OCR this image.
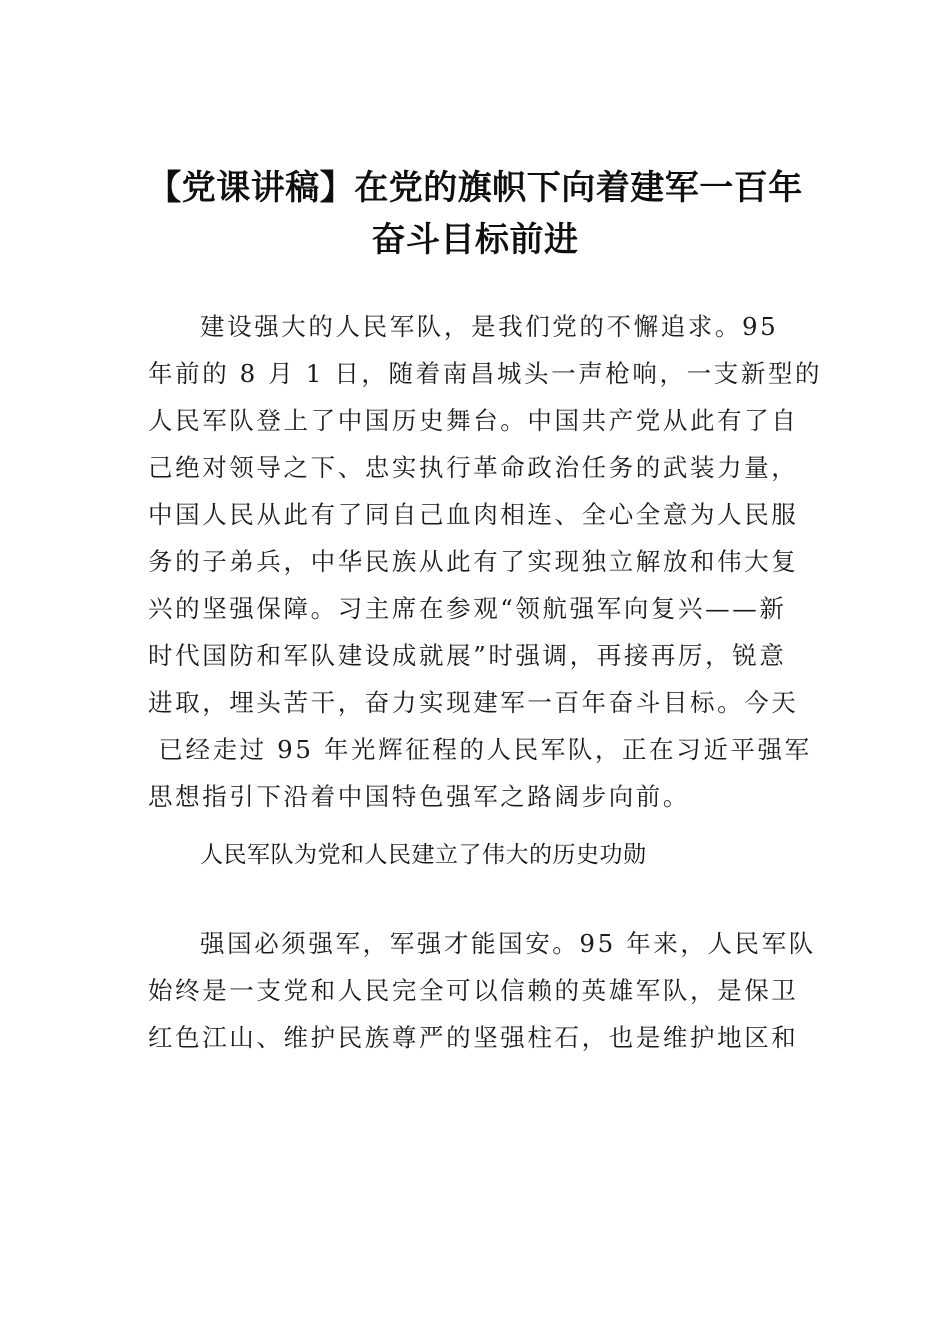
【党课讲稿】在党的旗帜下向着建军一百年
奋斗目标前进

建设强大的人民军队，是我们党的不懈追求。95
年前的 8 月 1 日，随着南昌城头一声枪响，一支新型的
人民军队登上了中国历史舞台。中国共产党从此有了自
己绝对领导之下、忠实执行革命政治任务的武装力量，
中国人民从此有了同自己血肉相连、全心全意为人民服
务的子弟兵，中华民族从此有了实现独立解放和伟大复
兴的坚强保障。习主席在参观“领航强军向复兴——新
时代国防和军队建设成就展”时强调，再接再厉，锐意
进取，埋头苦干，奋力实现建军一百年奋斗目标。今天
已经走过 95 年光辉征程的人民军队，正在习近平强军
思想指引下沿着中国特色强军之路阔步向前。

人民军队为党和人民建立了伟大的历史功勋

强国必须强军，军强才能国安。95 年来，人民军队
始终是一支党和人民完全可以信赖的英雄军队，是保卫
红色江山、维护民族尊严的坚强柱石，也是维护地区和
